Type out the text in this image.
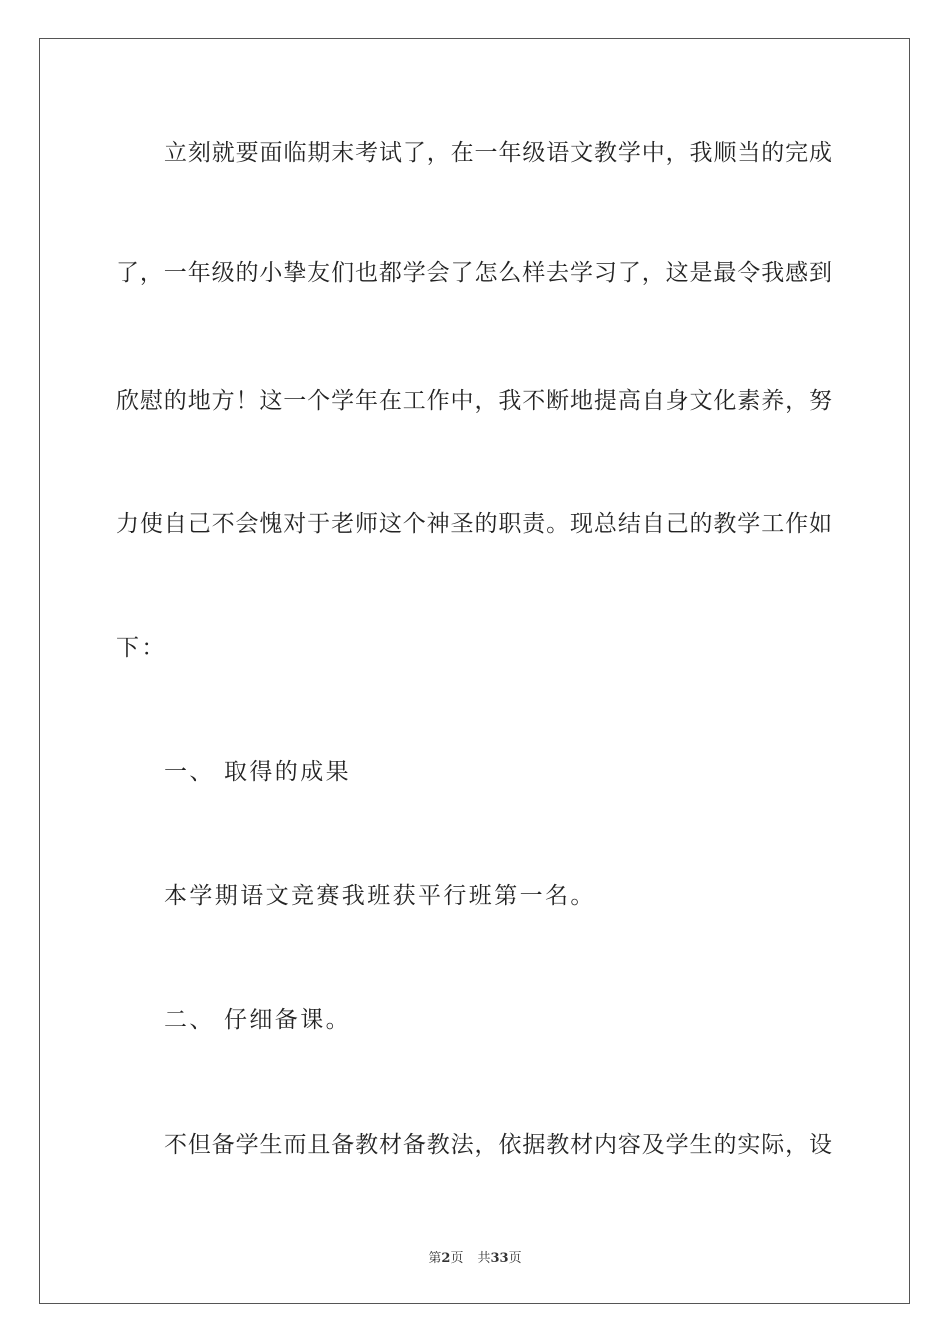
立刻就要面临期末考试了，在一年级语文教学中，我顺当的完成
了，一年级的小挚友们也都学会了怎么样去学习了，这是最令我感到
欣慰的地方！这一个学年在工作中，我不断地提高自身文化素养，努
力使自己不会愧对于老师这个神圣的职责。现总结自己的教学工作如
下：
一、 取得的成果
本学期语文竞赛我班获平行班第一名。
二、 仔细备课。
不但备学生而且备教材备教法，依据教材内容及学生的实际，设
第2页 共33页
